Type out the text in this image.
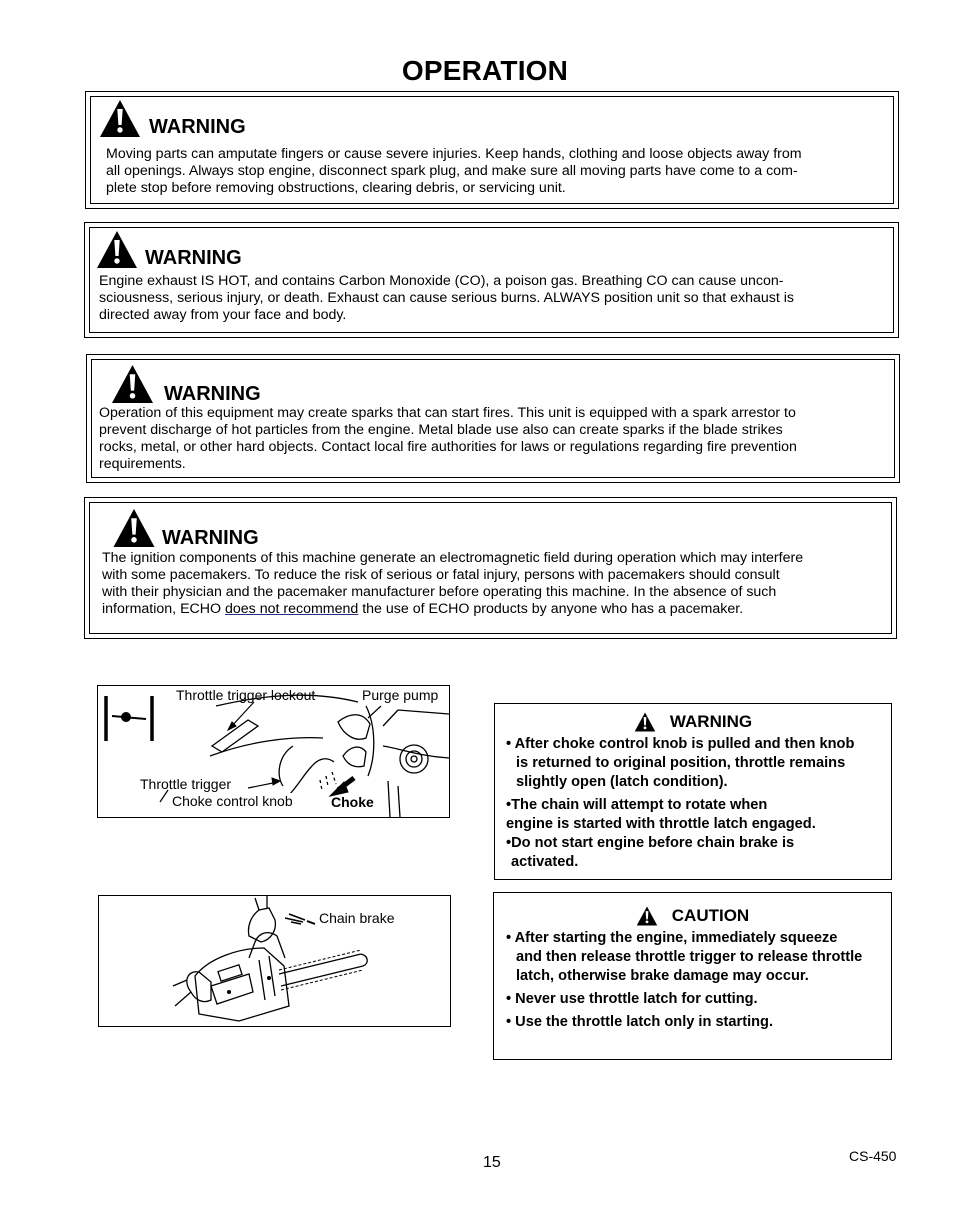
OPERATION
WARNING
Moving parts can amputate fingers or cause severe injuries. Keep hands, clothing and loose objects away from
all openings. Always stop engine, disconnect spark plug, and make sure all moving parts have come to a com-
plete stop before removing obstructions, clearing debris, or servicing unit.
WARNING
Engine exhaust IS HOT, and contains Carbon Monoxide (CO), a poison gas. Breathing CO can cause uncon-
sciousness, serious injury, or death. Exhaust can cause serious burns. ALWAYS position unit so that exhaust is
directed away from your face and body.
WARNING
Operation of this equipment may create sparks that can start fires. This unit is equipped with a spark arrestor to
prevent discharge of hot particles from the engine. Metal blade use also can create sparks if the blade strikes
rocks, metal, or other hard objects. Contact local fire authorities for laws or regulations regarding fire prevention
requirements.
WARNING
The ignition components of this machine generate an electromagnetic field during operation which may interfere
with some pacemakers. To reduce the risk of serious or fatal injury, persons with pacemakers should consult
with their physician and the pacemaker manufacturer before operating this machine. In the absence of such
information, ECHO does not recommend the use of ECHO products by anyone who has a pacemaker.
Throttle trigger lockout	Purge pump
Throttle trigger
Choke control knob	Choke
Chain brake
WARNING
• After choke control knob is pulled and then knob
is returned to original position, throttle remains
slightly open (latch condition).
•The chain will attempt to rotate when
engine is started with throttle latch engaged.
•Do not start engine before chain brake is
activated.
CAUTION
• After starting the engine, immediately squeeze
and then release throttle trigger to release throttle
latch, otherwise brake damage may occur.
• Never use throttle latch for cutting.
• Use the throttle latch only in starting.
15	CS-450
